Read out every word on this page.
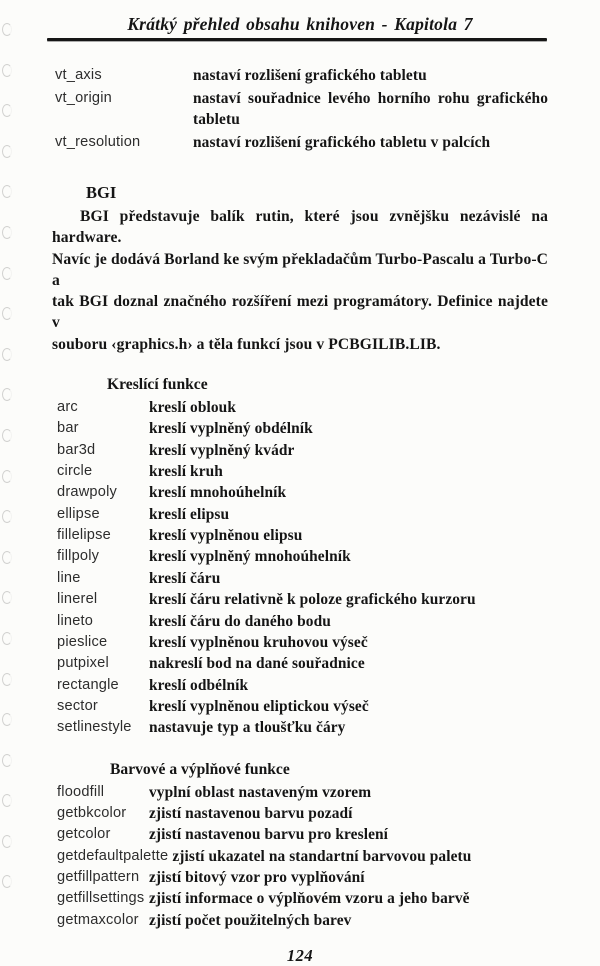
Krátký přehled obsahu knihoven - Kapitola 7
vt_axis	nastaví rozlišení grafického tabletu
vt_origin	nastaví souřadnice levého horního rohu grafického
tabletu
vt_resolution	nastaví rozlišení grafického tabletu v palcích
BGI
BGI představuje balík rutin, které jsou zvnějšku nezávislé na hardware.
Navíc je dodává Borland ke svým překladačům Turbo-Pascalu a Turbo-C a
tak BGI doznal značného rozšíření mezi programátory. Definice najdete v
souboru ‹graphics.h› a těla funkcí jsou v PCBGILIB.LIB.
Kreslící funkce
arc	kreslí oblouk
bar	kreslí vyplněný obdélník
bar3d	kreslí vyplněný kvádr
circle	kreslí kruh
drawpoly	kreslí mnohoúhelník
ellipse	kreslí elipsu
fillelipse	kreslí vyplněnou elipsu
fillpoly	kreslí vyplněný mnohoúhelník
line	kreslí čáru
linerel	kreslí čáru relativně k poloze grafického kurzoru
lineto	kreslí čáru do daného bodu
pieslice	kreslí vyplněnou kruhovou výseč
putpixel	nakreslí bod na dané souřadnice
rectangle	kreslí odbélník
sector	kreslí vyplněnou eliptickou výseč
setlinestyle	nastavuje typ a tloušťku čáry
Barvové a výplňové funkce
floodfill	vyplní oblast nastaveným vzorem
getbkcolor	zjistí nastavenou barvu pozadí
getcolor	zjistí nastavenou barvu pro kreslení
getdefaultpalette zjistí ukazatel na standartní barvovou paletu
getfillpattern zjistí bitový vzor pro vyplňování
getfillsettings zjistí informace o výplňovém vzoru a jeho barvě
getmaxcolor zjistí počet použitelných barev
124
